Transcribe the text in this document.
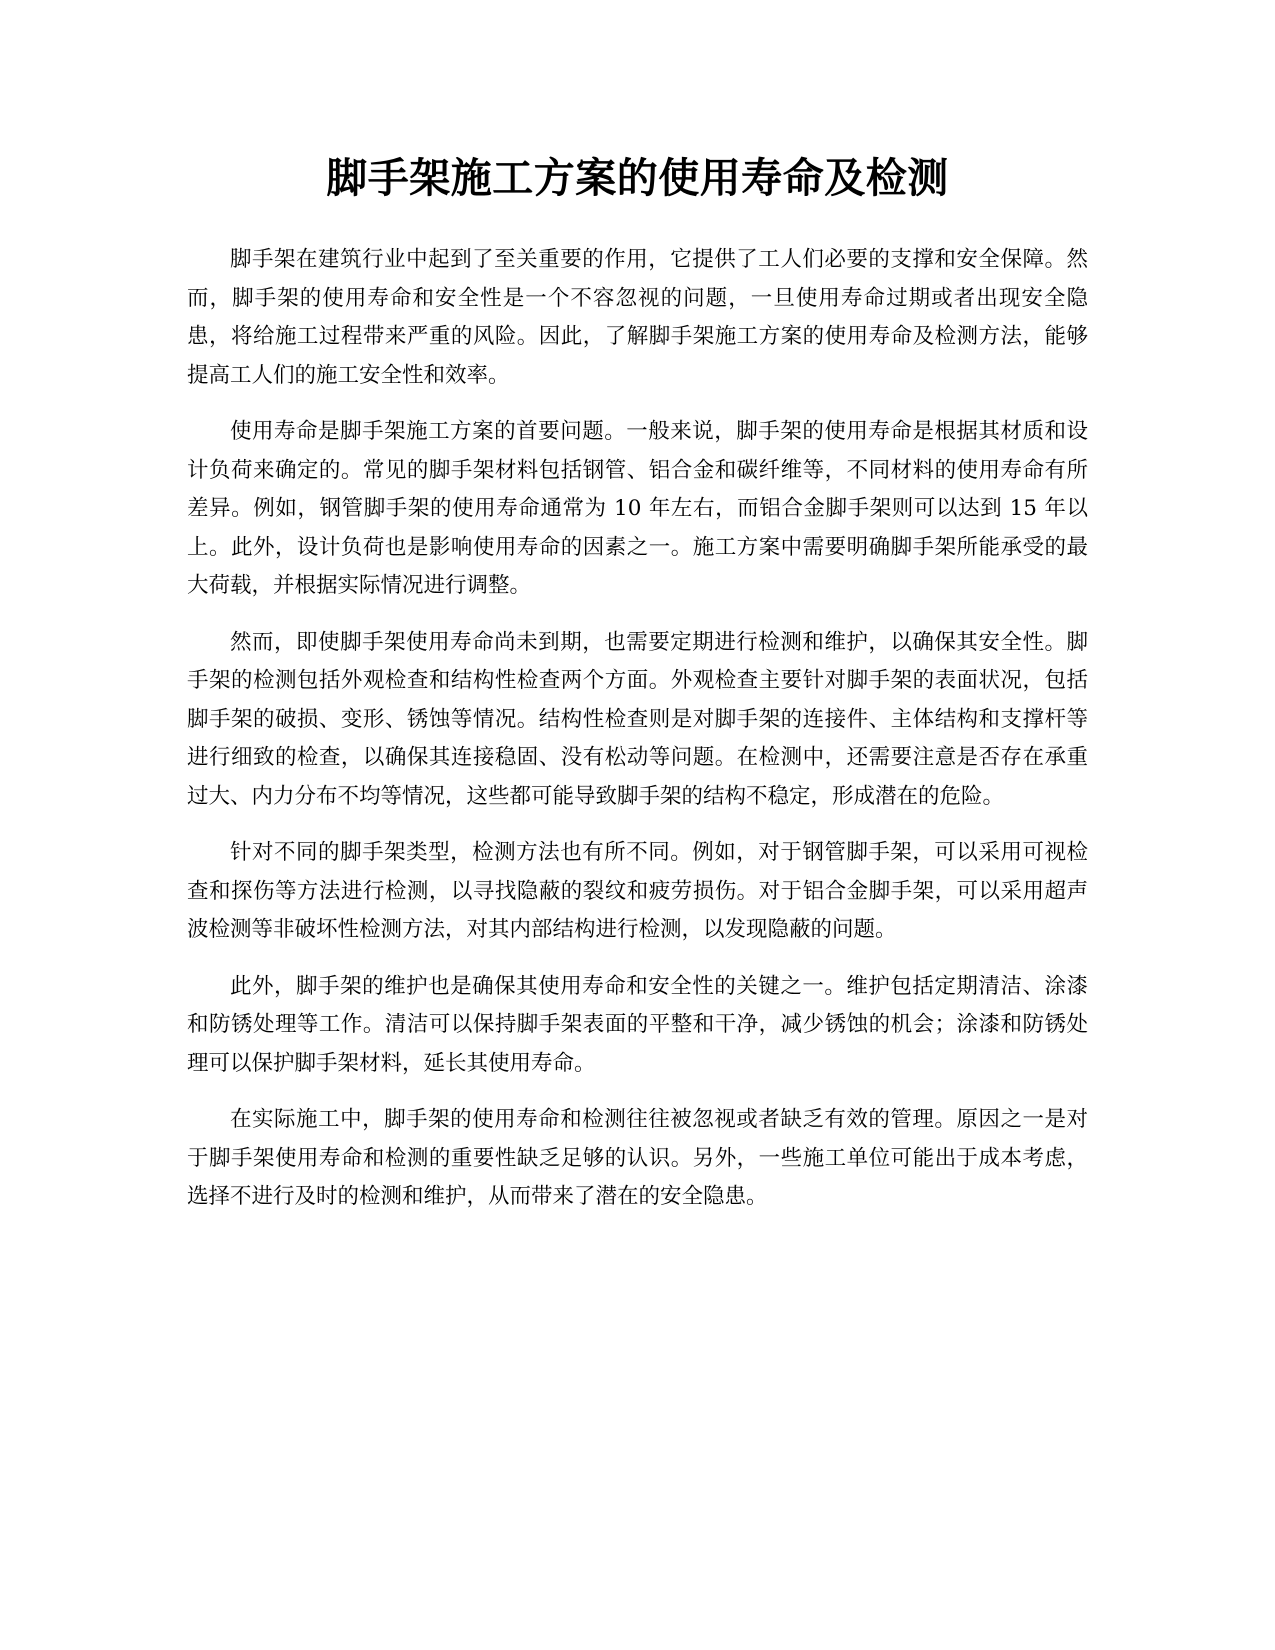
脚手架施工方案的使用寿命及检测

脚手架在建筑行业中起到了至关重要的作用，它提供了工人们必要的支撑和安全保障。然而，脚手架的使用寿命和安全性是一个不容忽视的问题，一旦使用寿命过期或者出现安全隐患，将给施工过程带来严重的风险。因此，了解脚手架施工方案的使用寿命及检测方法，能够提高工人们的施工安全性和效率。

使用寿命是脚手架施工方案的首要问题。一般来说，脚手架的使用寿命是根据其材质和设计负荷来确定的。常见的脚手架材料包括钢管、铝合金和碳纤维等，不同材料的使用寿命有所差异。例如，钢管脚手架的使用寿命通常为 10 年左右，而铝合金脚手架则可以达到 15 年以上。此外，设计负荷也是影响使用寿命的因素之一。施工方案中需要明确脚手架所能承受的最大荷载，并根据实际情况进行调整。

然而，即使脚手架使用寿命尚未到期，也需要定期进行检测和维护，以确保其安全性。脚手架的检测包括外观检查和结构性检查两个方面。外观检查主要针对脚手架的表面状况，包括脚手架的破损、变形、锈蚀等情况。结构性检查则是对脚手架的连接件、主体结构和支撑杆等进行细致的检查，以确保其连接稳固、没有松动等问题。在检测中，还需要注意是否存在承重过大、内力分布不均等情况，这些都可能导致脚手架的结构不稳定，形成潜在的危险。

针对不同的脚手架类型，检测方法也有所不同。例如，对于钢管脚手架，可以采用可视检查和探伤等方法进行检测，以寻找隐蔽的裂纹和疲劳损伤。对于铝合金脚手架，可以采用超声波检测等非破坏性检测方法，对其内部结构进行检测，以发现隐蔽的问题。

此外，脚手架的维护也是确保其使用寿命和安全性的关键之一。维护包括定期清洁、涂漆和防锈处理等工作。清洁可以保持脚手架表面的平整和干净，减少锈蚀的机会；涂漆和防锈处理可以保护脚手架材料，延长其使用寿命。

在实际施工中，脚手架的使用寿命和检测往往被忽视或者缺乏有效的管理。原因之一是对于脚手架使用寿命和检测的重要性缺乏足够的认识。另外，一些施工单位可能出于成本考虑，选择不进行及时的检测和维护，从而带来了潜在的安全隐患。
